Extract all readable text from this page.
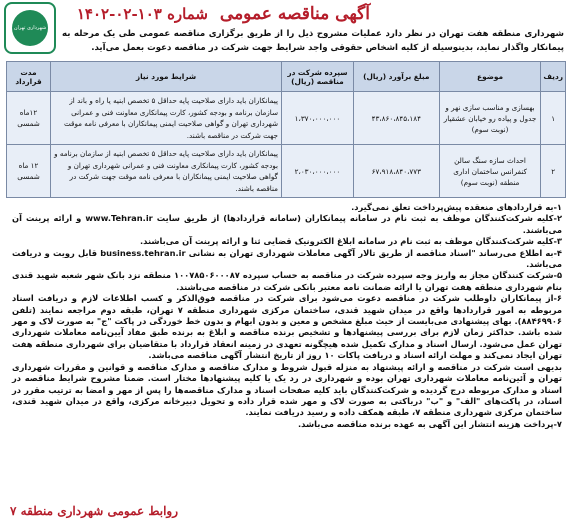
آگهی مناقصه عمومی شماره ۱۰۳-۰۲-۱۴۰۲
شهرداری تهران
شهرداری منطقه هفت تهران در نظر دارد عملیات مشروح ذیل را از طریق برگزاری مناقصه عمومی طی یک مرحله به پیمانکار واگذار نماید، بدینوسیله از کلیه اشخاص حقوقی واجد شرایط جهت شرکت در مناقصه دعوت بعمل می‌آید.
ردیف	موضوع	مبلغ برآورد (ریال)	سپرده شرکت در مناقصه (ریال)	شرایط مورد نیاز	مدت قرارداد
۱	بهسازی و مناسب سازی نهر و جدول و پیاده رو خیابان عشقیار (نوبت سوم)	۴۳،۸۶۰،۸۴۵،۱۸۴	۱،۳۷۰،۰۰۰،۰۰۰	پیمانکاران باید دارای صلاحیت پایه حداقل ۵ تخصص ابنیه یا راه و باند از سازمان برنامه و بودجه کشور، کارت پیمانکاری معاونت فنی و عمرانی شهرداری تهران و گواهی صلاحیت ایمنی پیمانکاران با معرفی نامه موقت جهت شرکت در مناقصه باشند.	۱۲ماه شمسی
۲	احداث سازه سنگ سالن کنفرانس ساختمان اداری منطقه (نوبت سوم)	۶۷،۹۱۸،۸۴۰،۷۷۳	۲،۰۳۰،۰۰۰،۰۰۰	پیمانکاران باید دارای صلاحیت پایه حداقل ۵ تخصص ابنیه از سازمان برنامه و بودجه کشور، کارت پیمانکاری معاونت فنی و عمرانی شهرداری تهران و گواهی صلاحیت ایمنی پیمانکاران با معرفی نامه موقت جهت شرکت در مناقصه باشند.	۱۲ ماه شمسی

۱-به قراردادهای منعقده پیش‌پرداخت تعلق نمی‌گیرد.

۲-کلیه شرکت‌کنندگان موظف به ثبت نام در سامانه پیمانکاران (سامانه قراردادها) از طریق سایت www.Tehran.ir و ارائه پرینت آن می‌باشند.

۳-کلیه شرکت‌کنندگان موظف به ثبت نام در سامانه ابلاغ الکترونیک قضایی ثنا و ارائه پرینت آن می‌باشند.

۴-به اطلاع می‌رساند "اسناد مناقصه از طریق تالار آگهی معاملات شهرداری تهران به نشانی business.tehran.ir قابل رویت و دریافت می‌باشد.

۵-شرکت کنندگان مجاز به واریز وجه سپرده شرکت در مناقصه به حساب سپرده ۱۰۰۷۸۵۰۶۰۰۰۸۷ منطقه نزد بانک شهر شعبه شهید قندی بنام شهرداری منطقه هفت تهران یا ارائه ضمانت نامه معتبر بانکی شرکت در مناقصه می‌باشند.

۶-از پیمانکاران داوطلب شرکت در مناقصه دعوت می‌شود برای شرکت در مناقصه فوق‌الذکر و کسب اطلاعات لازم و دریافت اسناد مربوطه به امور قراردادها واقع در میدان شهید قندی، ساختمان مرکزی شهرداری منطقه ۷ تهران، طبقه دوم مراجعه نمایند (تلفن ۸۸۴۶۹۹۰۶). بهای پیشنهادی می‌بایست از حیث مبلغ مشخص و معین و بدون ابهام و بدون خط خوردگی در پاکت "ج" به صورت لاک و مهر شده باشد. حداکثر زمان لازم برای بررسی پیشنهادها و تشخیص برنده مناقصه و ابلاغ به برنده طبق مفاد آیین‌نامه معاملات شهرداری تهران عمل می‌شود. ارسال اسناد و مدارک تکمیل شده هیچگونه تعهدی در زمینه انعقاد قرارداد با متقاضیان برای شهرداری منطقه هفت تهران ایجاد نمی‌کند و مهلت ارائه اسناد و دریافت پاکات ۱۰ روز از تاریخ انتشار آگهی مناقصه می‌باشد.

بدیهی است شرکت در مناقصه و ارائه پیشنهاد به منزله قبول شروط و مدارک مناقصه و مدارک مناقصه و قوانین و مقررات شهرداری تهران و آئین‌نامه معاملات شهرداری تهران بوده و شهرداری در رد یک یا کلیه پیشنهادها مختار است. ضمنا مشروح شرایط مناقصه در اسناد و مدارک مربوطه درج گردیده و شرکت‌کنندگان باید کلیه صفحات اسناد و مدارک مناقصه‌ها را پس از مهر و امضا به ترتیب مقرر در اسناد، در پاکت‌های "الف" و "ب" درباکتی به صورت لاک و مهر شده قرار داده و تحویل دبیرخانه مرکزی، واقع در میدان شهید قندی، ساختمان مرکزی شهرداری منطقه ۷، طبقه همکف داده و رسید دریافت نمایند.

۷-پرداخت هزینه انتشار این آگهی به عهده برنده مناقصه می‌باشد.

روابط عمومی شهرداری منطقه ۷
